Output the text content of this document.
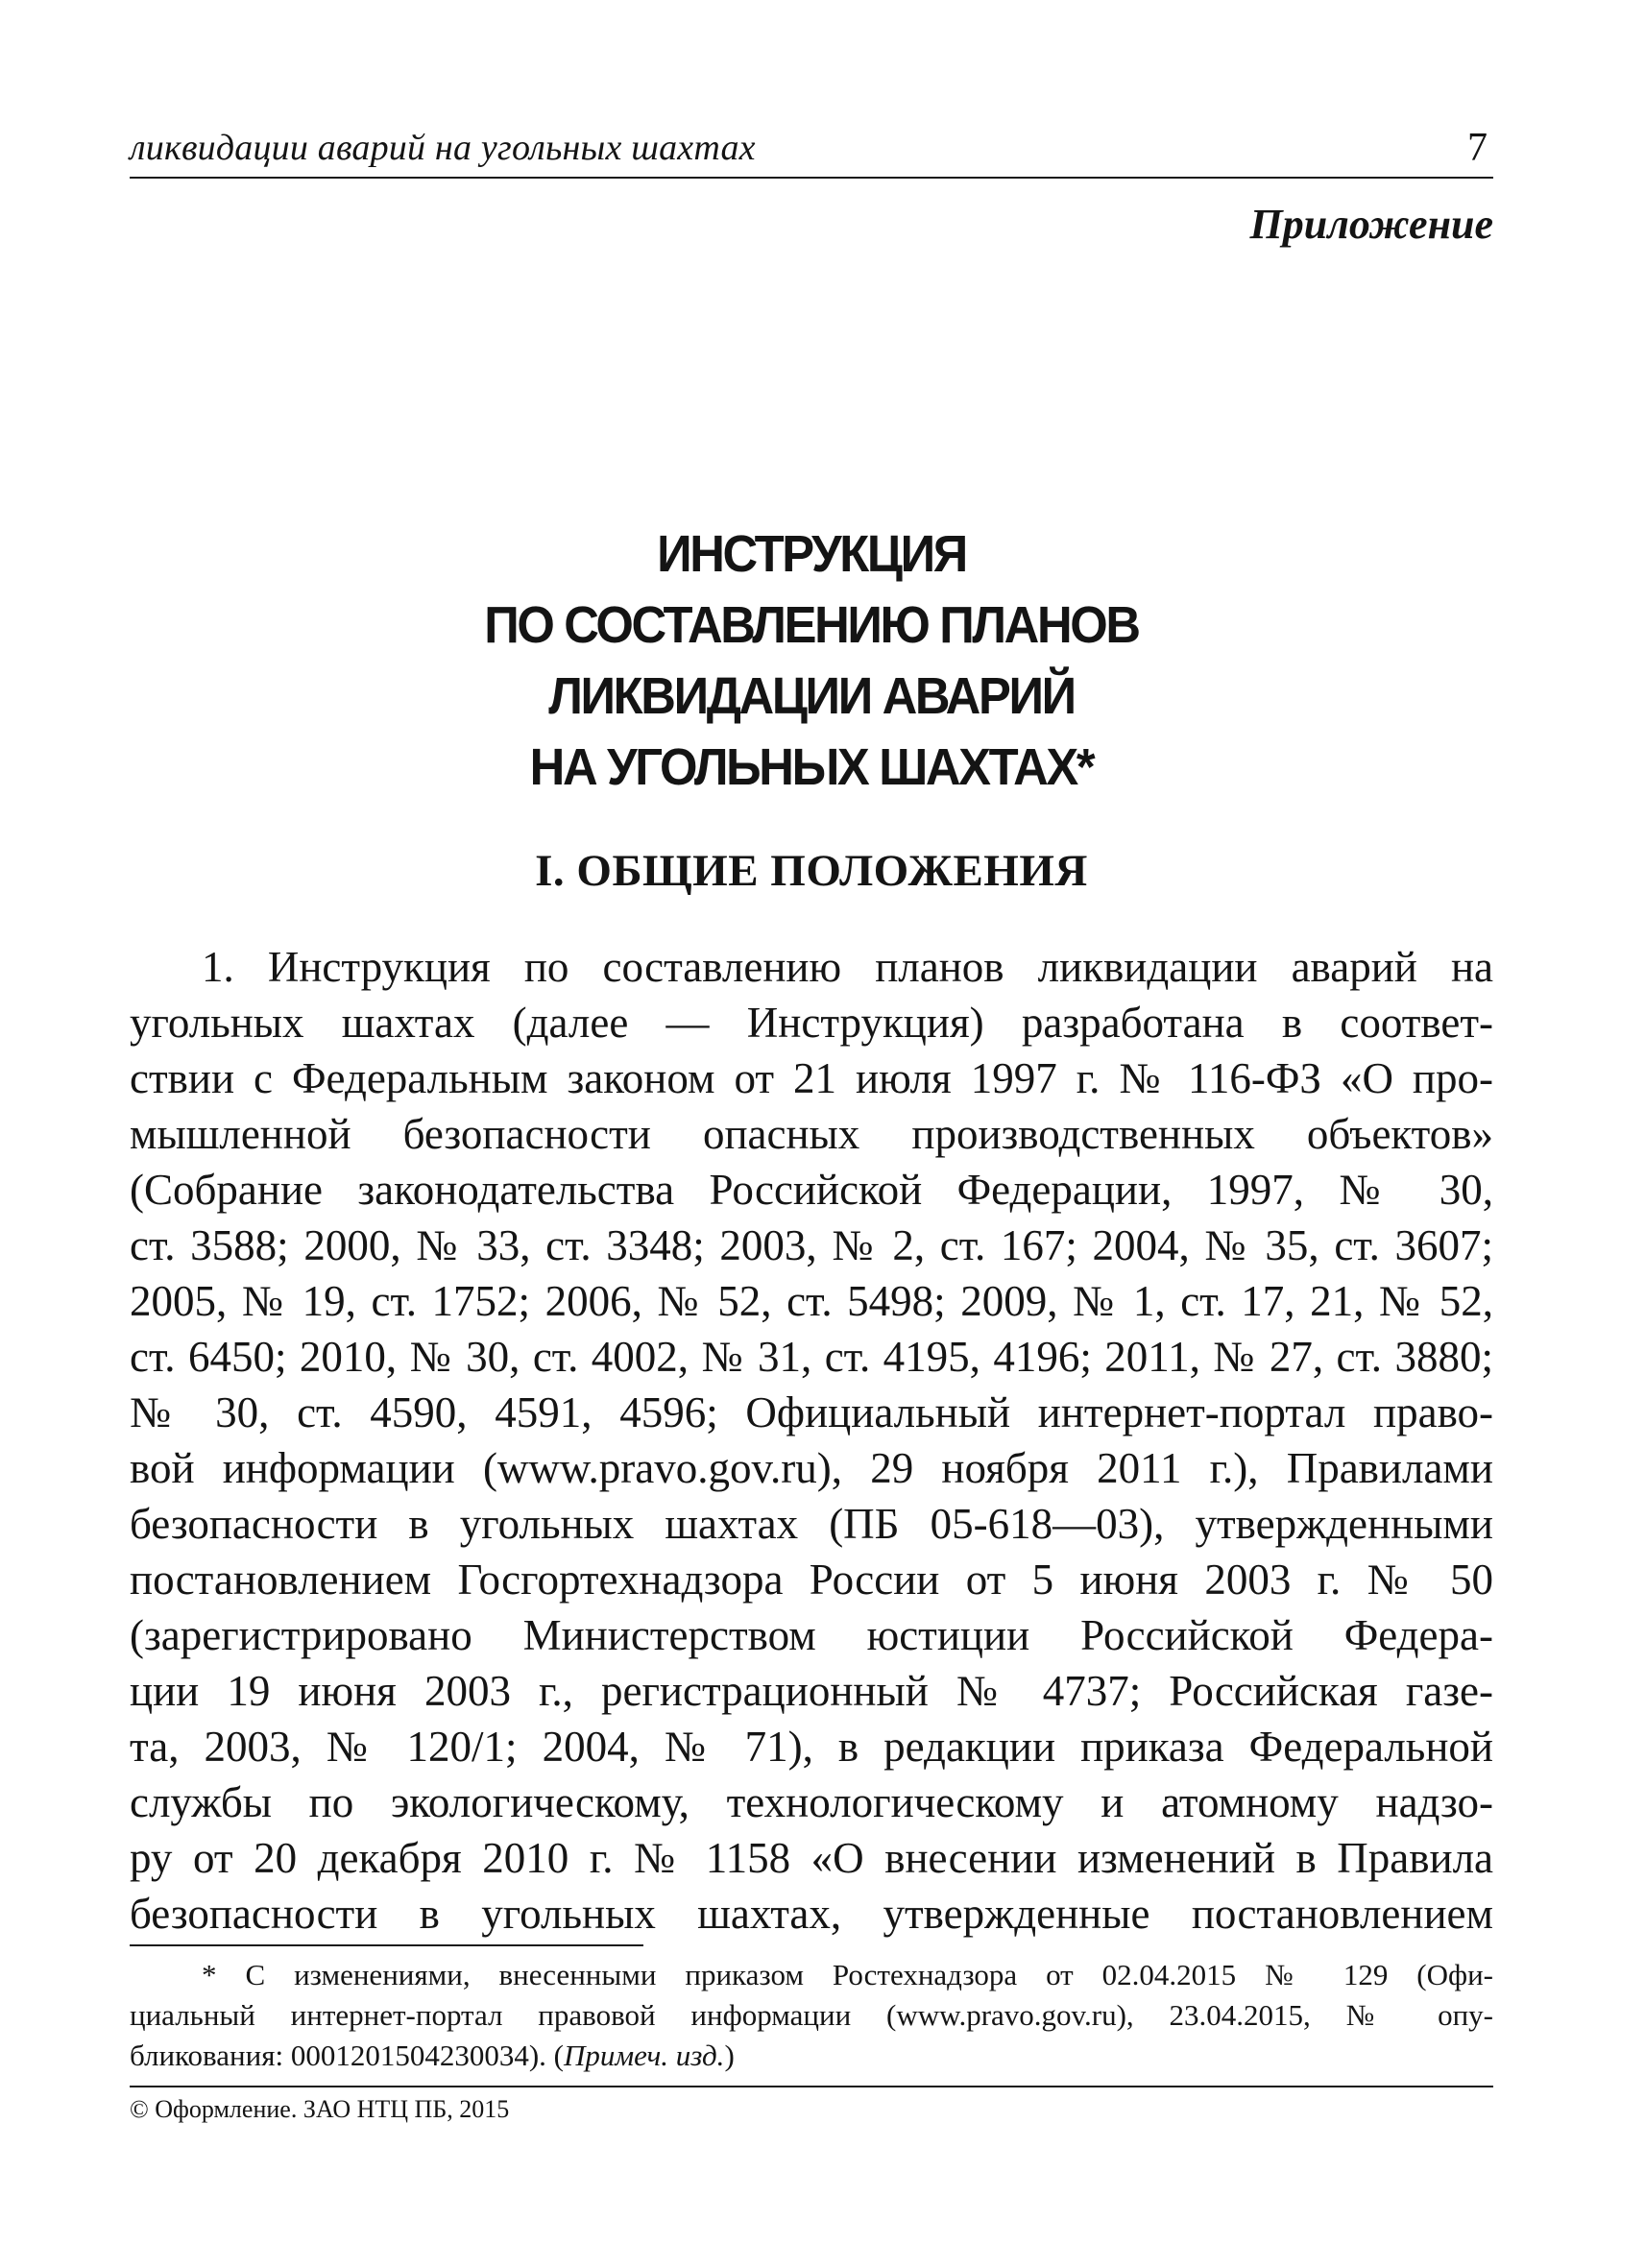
ликвидации аварий на угольных шахтах	7
Приложение
ИНСТРУКЦИЯ
ПО СОСТАВЛЕНИЮ ПЛАНОВ
ЛИКВИДАЦИИ АВАРИЙ
НА УГОЛЬНЫХ ШАХТАХ*
I. ОБЩИЕ ПОЛОЖЕНИЯ
1. Инструкция по составлению планов ликвидации аварий на
угольных шахтах (далее — Инструкция) разработана в соответ-
ствии с Федеральным законом от 21 июля 1997 г. № 116-ФЗ «О про-
мышленной безопасности опасных производственных объектов»
(Собрание законодательства Российской Федерации, 1997, № 30,
ст. 3588; 2000, № 33, ст. 3348; 2003, № 2, ст. 167; 2004, № 35, ст. 3607;
2005, № 19, ст. 1752; 2006, № 52, ст. 5498; 2009, № 1, ст. 17, 21, № 52,
ст. 6450; 2010, № 30, ст. 4002, № 31, ст. 4195, 4196; 2011, № 27, ст. 3880;
№ 30, ст. 4590, 4591, 4596; Официальный интернет-портал право-
вой информации (www.pravo.gov.ru), 29 ноября 2011 г.), Правилами
безопасности в угольных шахтах (ПБ 05-618—03), утвержденными
постановлением Госгортехнадзора России от 5 июня 2003 г. № 50
(зарегистрировано Министерством юстиции Российской Федера-
ции 19 июня 2003 г., регистрационный № 4737; Российская газе-
та, 2003, № 120/1; 2004, № 71), в редакции приказа Федеральной
службы по экологическому, технологическому и атомному надзо-
ру от 20 декабря 2010 г. № 1158 «О внесении изменений в Правила
безопасности в угольных шахтах, утвержденные постановлением
* С изменениями, внесенными приказом Ростехнадзора от 02.04.2015 № 129 (Офи-
циальный интернет-портал правовой информации (www.pravo.gov.ru), 23.04.2015, № опу-
бликования: 0001201504230034). (Примеч. изд.)
© Оформление. ЗАО НТЦ ПБ, 2015
